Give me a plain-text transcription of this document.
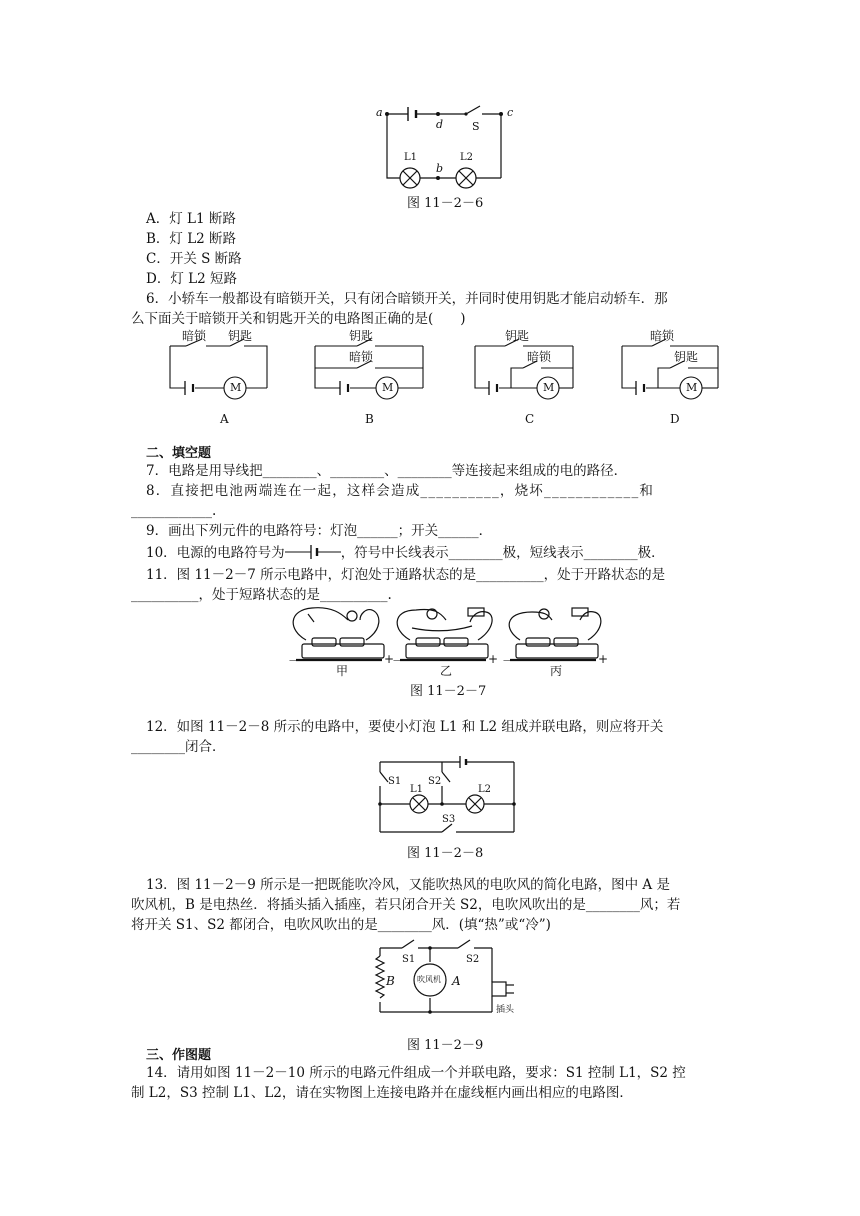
a
d	S
c
L1
b
L2
图 11－2－6
A．灯 L1 断路
B．灯 L2 断路
C．开关 S 断路
D．灯 L2 短路
6．小轿车一般都设有暗锁开关，只有闭合暗锁开关，并同时使用钥匙才能启动轿车．那
么下面关于暗锁开关和钥匙开关的电路图正确的是(　　)
暗锁 钥匙
M
A
钥匙
暗锁
M
B
钥匙
暗锁
M
C
暗锁
钥匙
M
D
二、填空题
7．电路是用导线把________、________、________等连接起来组成的电的路径．
8．直接把电池两端连在一起，这样会造成__________，烧坏____________和
____________.
9．画出下列元件的电路符号：灯泡______；开关______．
10．电源的电路符号为	，符号中长线表示________极，短线表示________极．
11．图 11－2－7 所示电路中，灯泡处于通路状态的是__________，处于开路状态的是
__________，处于短路状态的是__________.
－	+
－	+ －	+
甲	乙	丙
图 11－2－7
12．如图 11－2－8 所示的电路中，要使小灯泡 L1 和 L2 组成并联电路，则应将开关
________闭合．
S1	S2
L1	L2
S3
图 11－2－8
13．图 11－2－9 所示是一把既能吹冷风，又能吹热风的电吹风的简化电路，图中 A 是
吹风机，B 是电热丝．将插头插入插座，若只闭合开关 S2，电吹风吹出的是________风；若
将开关 S1、S2 都闭合，电吹风吹出的是________风．(填“热”或“冷”)
S1	S2
B	吹风机 A
插头
图 11－2－9
三、作图题
14．请用如图 11－2－10 所示的电路元件组成一个并联电路，要求：S1 控制 L1，S2 控
制 L2，S3 控制 L1、L2，请在实物图上连接电路并在虚线框内画出相应的电路图．
